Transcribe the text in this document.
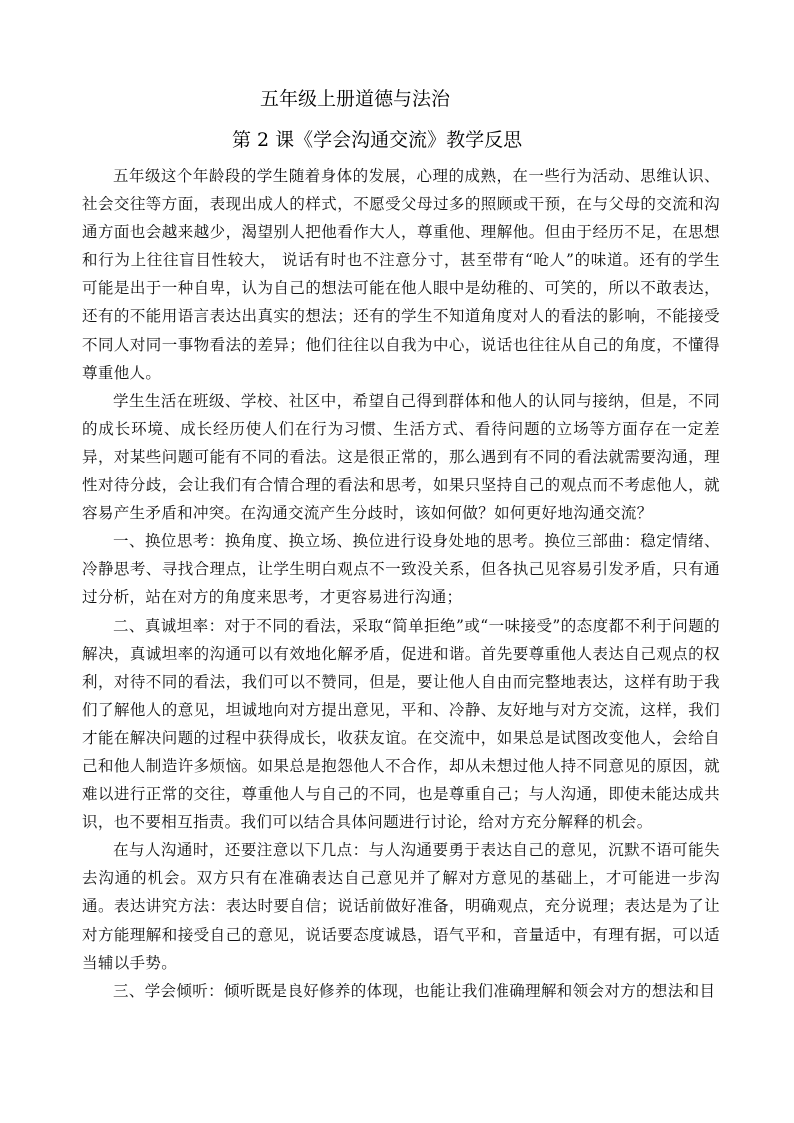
五年级上册道德与法治
第 2 课《学会沟通交流》教学反思

五年级这个年龄段的学生随着身体的发展，心理的成熟，在一些行为活动、思维认识、社会交往等方面，表现出成人的样式，不愿受父母过多的照顾或干预，在与父母的交流和沟通方面也会越来越少，渴望别人把他看作大人，尊重他、理解他。但由于经历不足，在思想和行为上往往盲目性较大， 说话有时也不注意分寸，甚至带有“呛人”的味道。还有的学生可能是出于一种自卑，认为自己的想法可能在他人眼中是幼稚的、可笑的，所以不敢表达，还有的不能用语言表达出真实的想法；还有的学生不知道角度对人的看法的影响，不能接受不同人对同一事物看法的差异；他们往往以自我为中心，说话也往往从自己的角度，不懂得尊重他人。

学生生活在班级、学校、社区中，希望自己得到群体和他人的认同与接纳，但是，不同的成长环境、成长经历使人们在行为习惯、生活方式、看待问题的立场等方面存在一定差异，对某些问题可能有不同的看法。这是很正常的，那么遇到有不同的看法就需要沟通，理性对待分歧，会让我们有合情合理的看法和思考，如果只坚持自己的观点而不考虑他人，就容易产生矛盾和冲突。在沟通交流产生分歧时，该如何做？如何更好地沟通交流？

一、换位思考：换角度、换立场、换位进行设身处地的思考。换位三部曲：稳定情绪、冷静思考、寻找合理点，让学生明白观点不一致没关系，但各执己见容易引发矛盾，只有通过分析，站在对方的角度来思考，才更容易进行沟通；

二、真诚坦率：对于不同的看法，采取“简单拒绝”或“一味接受”的态度都不利于问题的解决，真诚坦率的沟通可以有效地化解矛盾，促进和谐。首先要尊重他人表达自己观点的权利，对待不同的看法，我们可以不赞同，但是，要让他人自由而完整地表达，这样有助于我们了解他人的意见，坦诚地向对方提出意见，平和、冷静、友好地与对方交流，这样，我们才能在解决问题的过程中获得成长，收获友谊。在交流中，如果总是试图改变他人，会给自己和他人制造许多烦恼。如果总是抱怨他人不合作，却从未想过他人持不同意见的原因，就难以进行正常的交往，尊重他人与自己的不同，也是尊重自己；与人沟通，即使未能达成共识，也不要相互指责。我们可以结合具体问题进行讨论，给对方充分解释的机会。

在与人沟通时，还要注意以下几点：与人沟通要勇于表达自己的意见，沉默不语可能失去沟通的机会。双方只有在准确表达自己意见并了解对方意见的基础上，才可能进一步沟通。表达讲究方法：表达时要自信；说话前做好准备，明确观点，充分说理；表达是为了让对方能理解和接受自己的意见，说话要态度诚恳，语气平和，音量适中，有理有据，可以适当辅以手势。

三、学会倾听：倾听既是良好修养的体现，也能让我们准确理解和领会对方的想法和目
